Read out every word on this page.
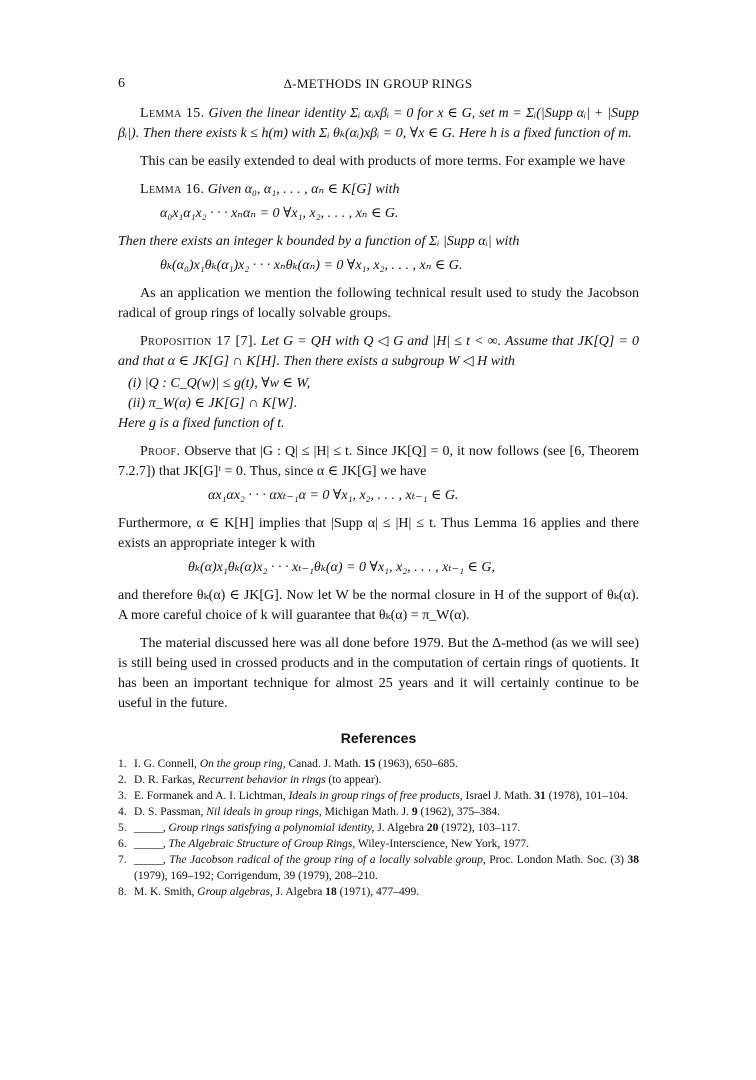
6	Δ-METHODS IN GROUP RINGS

Lemma 15. Given the linear identity Σᵢ αᵢxβᵢ = 0 for x ∈ G, set m = Σᵢ(|Supp αᵢ| + |Supp βᵢ|). Then there exists k ≤ h(m) with Σᵢ θₖ(αᵢ)xβᵢ = 0, ∀x ∈ G. Here h is a fixed function of m.

This can be easily extended to deal with products of more terms. For example we have

Lemma 16. Given α₀, α₁, . . . , αₙ ∈ K[G] with

α₀x₁α₁x₂ · · · xₙαₙ = 0 ∀x₁, x₂, . . . , xₙ ∈ G.

Then there exists an integer k bounded by a function of Σᵢ |Supp αᵢ| with

θₖ(α₀)x₁θₖ(α₁)x₂ · · · xₙθₖ(αₙ) = 0 ∀x₁, x₂, . . . , xₙ ∈ G.

As an application we mention the following technical result used to study the Jacobson radical of group rings of locally solvable groups.

Proposition 17 [7]. Let G = QH with Q ◁ G and |H| ≤ t < ∞. Assume that JK[Q] = 0 and that α ∈ JK[G] ∩ K[H]. Then there exists a subgroup W ◁ H with

(i) |Q : C_Q(w)| ≤ g(t), ∀w ∈ W,

(ii) π_W(α) ∈ JK[G] ∩ K[W].

Here g is a fixed function of t.

Proof. Observe that |G : Q| ≤ |H| ≤ t. Since JK[Q] = 0, it now follows (see [6, Theorem 7.2.7]) that JK[G]ᵗ = 0. Thus, since α ∈ JK[G] we have

αx₁αx₂ · · · αxₜ₋₁α = 0 ∀x₁, x₂, . . . , xₜ₋₁ ∈ G.

Furthermore, α ∈ K[H] implies that |Supp α| ≤ |H| ≤ t. Thus Lemma 16 applies and there exists an appropriate integer k with

θₖ(α)x₁θₖ(α)x₂ · · · xₜ₋₁θₖ(α) = 0 ∀x₁, x₂, . . . , xₜ₋₁ ∈ G,

and therefore θₖ(α) ∈ JK[G]. Now let W be the normal closure in H of the support of θₖ(α). A more careful choice of k will guarantee that θₖ(α) = π_W(α).

The material discussed here was all done before 1979. But the Δ-method (as we will see) is still being used in crossed products and in the computation of certain rings of quotients. It has been an important technique for almost 25 years and it will certainly continue to be useful in the future.

References
1. I. G. Connell, On the group ring, Canad. J. Math. 15 (1963), 650–685.
2. D. R. Farkas, Recurrent behavior in rings (to appear).
3. E. Formanek and A. I. Lichtman, Ideals in group rings of free products, Israel J. Math. 31 (1978), 101–104.
4. D. S. Passman, Nil ideals in group rings, Michigan Math. J. 9 (1962), 375–384.
5. _____, Group rings satisfying a polynomial identity, J. Algebra 20 (1972), 103–117.
6. _____, The Algebraic Structure of Group Rings, Wiley-Interscience, New York, 1977.
7. _____, The Jacobson radical of the group ring of a locally solvable group, Proc. London Math. Soc. (3) 38 (1979), 169–192; Corrigendum, 39 (1979), 208–210.
8. M. K. Smith, Group algebras, J. Algebra 18 (1971), 477–499.
